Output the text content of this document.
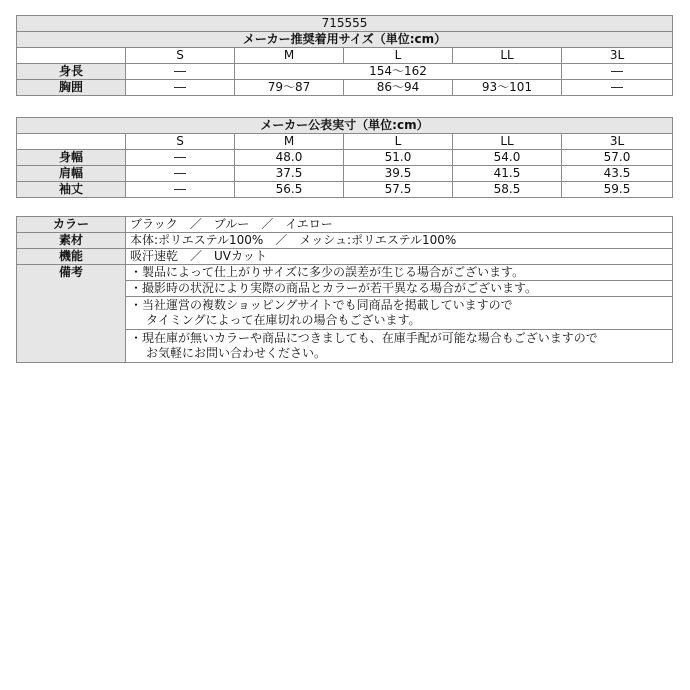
715555					
メーカー推奨着用サイズ（単位:cm）					
	S	M	L	LL	3L
身長	―	154〜162			―
胸囲	―	79〜87	86〜94	93〜101	―
メーカー公表実寸（単位:cm）					
	S	M	L	LL	3L
身幅	―	48.0	51.0	54.0	57.0
肩幅	―	37.5	39.5	41.5	43.5
袖丈	―	56.5	57.5	58.5	59.5
カラー	ブラック　／　ブルー　／　イエロー
素材	本体:ポリエステル100%　／　メッシュ:ポリエステル100%
機能	吸汗速乾　／　UVカット
備考	・製品によって仕上がりサイズに多少の誤差が生じる場合がございます。
	・撮影時の状況により実際の商品とカラーが若干異なる場合がございます。

	・当社運営の複数ショッピングサイトでも同商品を掲載していますので
タイミングによって在庫切れの場合もございます。

	・現在庫が無いカラーや商品につきましても、在庫手配が可能な場合もございますので
お気軽にお問い合わせください。
